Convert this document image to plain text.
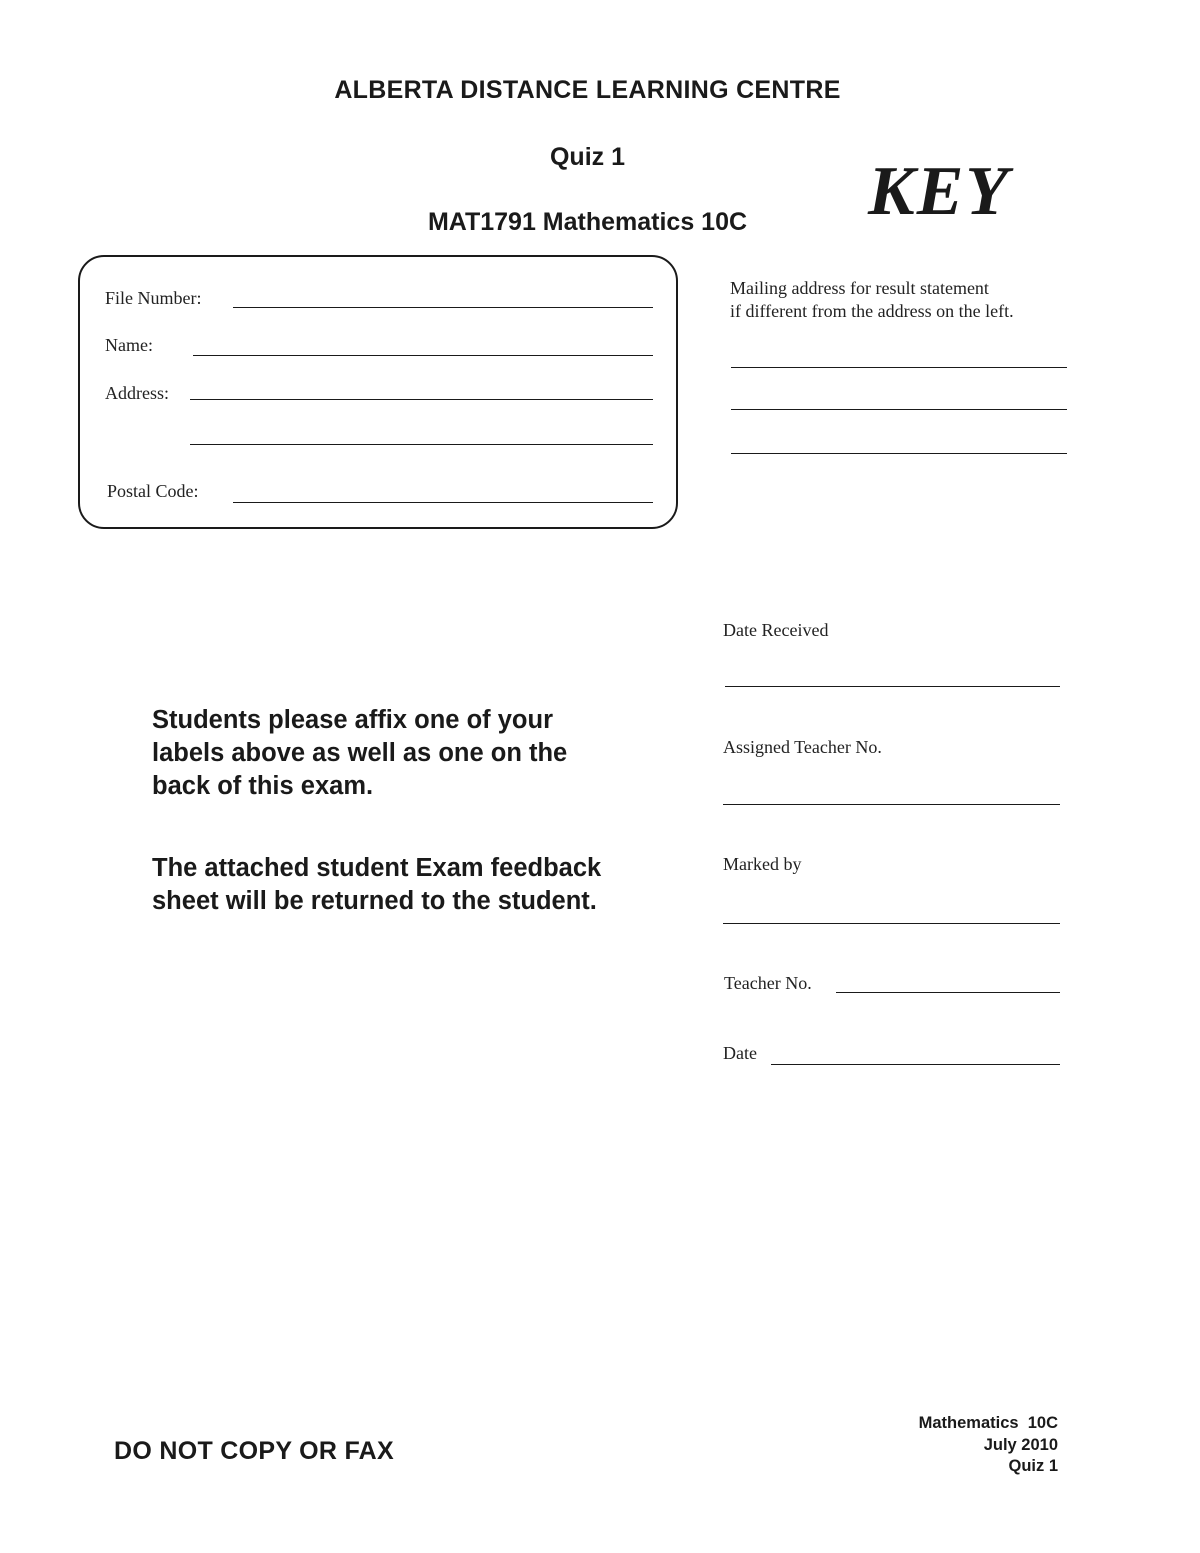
ALBERTA DISTANCE LEARNING CENTRE
Quiz 1
MAT1791 Mathematics 10C	KEY
File Number:
Name:
Address:
Postal Code:
Mailing address for result statement
if different from the address on the left.
Date Received
Assigned Teacher No.
Marked by
Teacher No.
Date
Students please affix one of your labels above as well as one on the back of this exam.
The attached student Exam feedback sheet will be returned to the student.
DO NOT COPY OR FAX
Mathematics  10C
July 2010
Quiz 1
